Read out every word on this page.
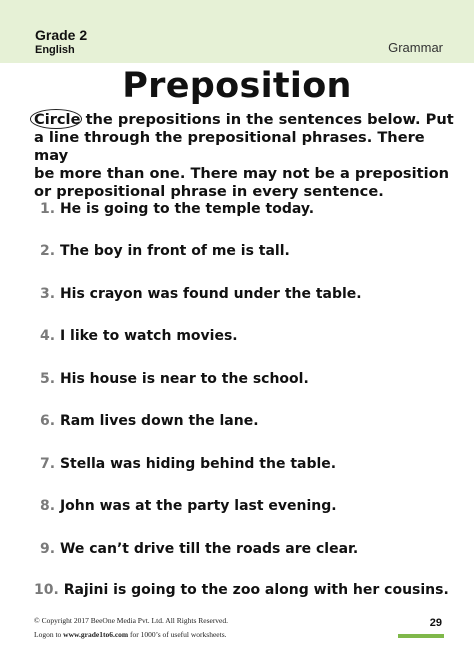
Grade 2
English	Grammar
Preposition
Circle the prepositions in the sentences below. Put
a line through the prepositional phrases. There may
be more than one. There may not be a preposition
or prepositional phrase in every sentence.
1. He is going to the temple today.
2. The boy in front of me is tall.
3. His crayon was found under the table.
4. I like to watch movies.
5. His house is near to the school.
6. Ram lives down the lane.
7. Stella was hiding behind the table.
8. John was at the party last evening.
9. We can’t drive till the roads are clear.
10. Rajini is going to the zoo along with her cousins.
© Copyright 2017 BeeOne Media Pvt. Ltd. All Rights Reserved.
Logon to www.grade1to6.com for 1000’s of useful worksheets.
29
